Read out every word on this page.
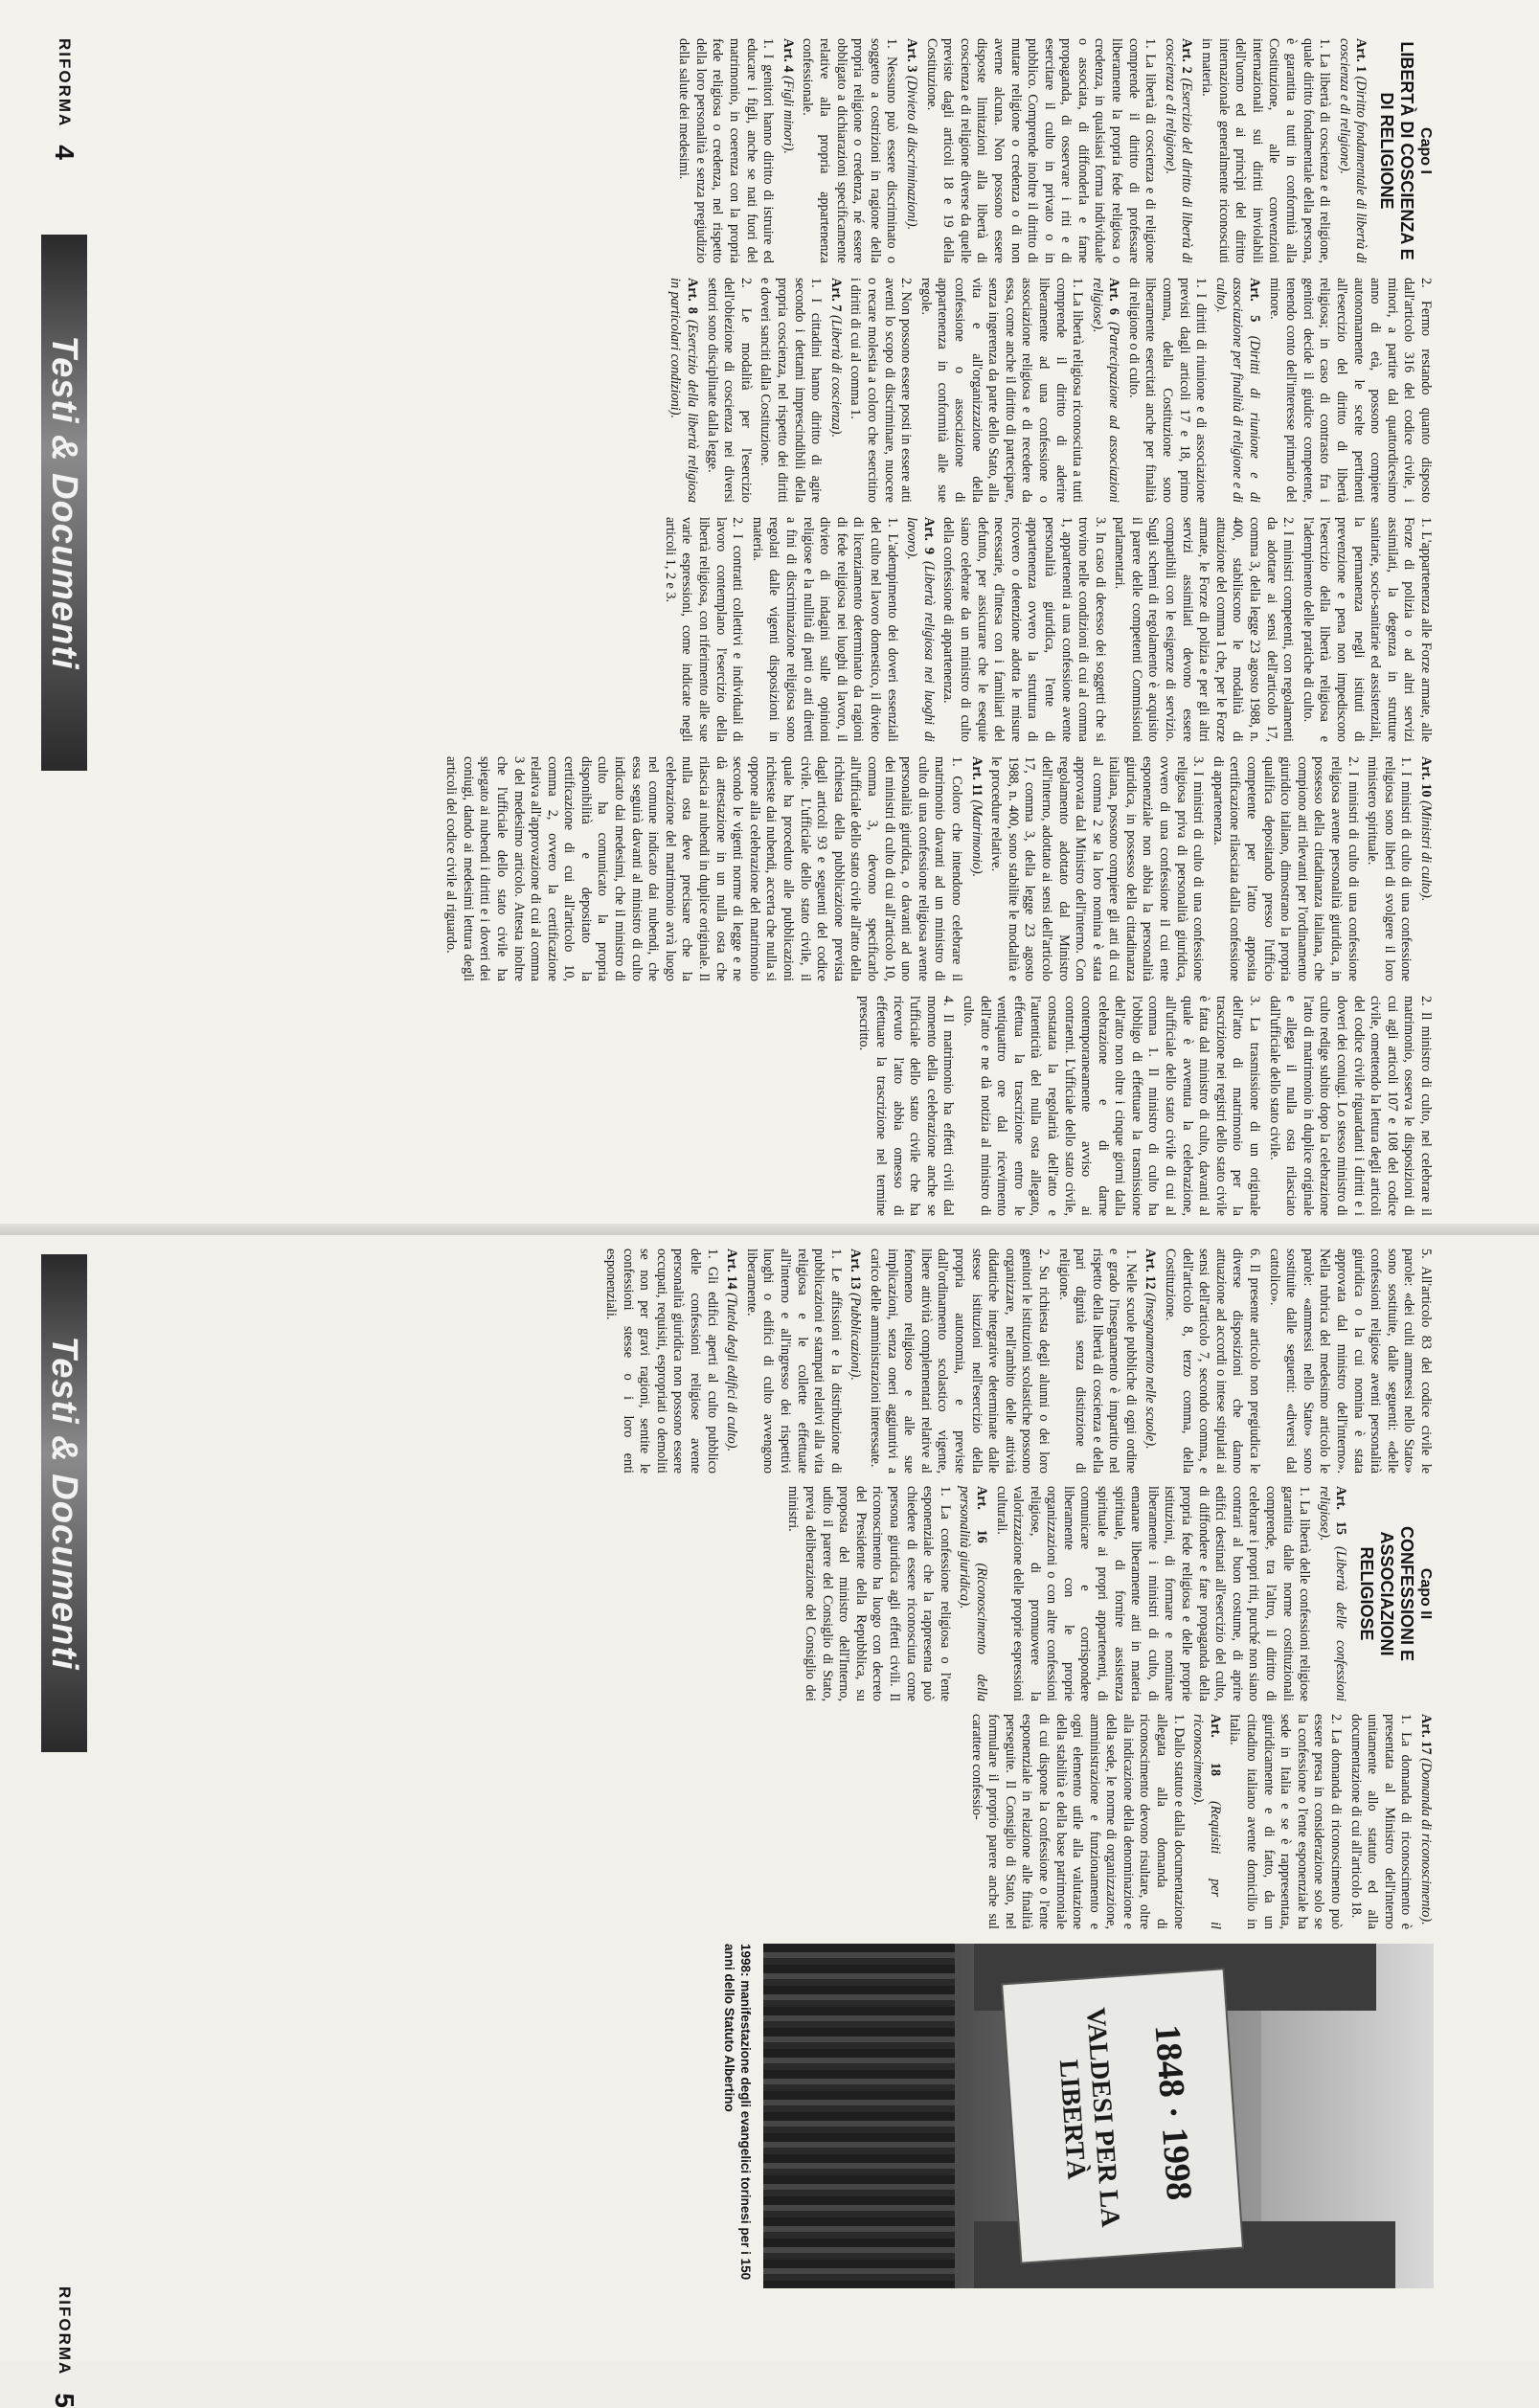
RIFORMA
4
Testi & Documenti
Capo I
LIBERTÀ DI COSCIENZA E DI RELIGIONE

Art. 1 (Diritto fondamentale di libertà di coscienza e di religione).

1. La libertà di coscienza e di religione, quale diritto fondamentale della persona, è garantita a tutti in conformità alla Costituzione, alle convenzioni internazionali sui diritti inviolabili dell'uomo ed ai princìpi del diritto internazionale generalmente riconosciuti in materia.

Art. 2 (Esercizio del diritto di libertà di coscienza e di religione).

1. La libertà di coscienza e di religione comprende il diritto di professare liberamente la propria fede religiosa o credenza, in qualsiasi forma individuale o associata, di diffonderla e farne propaganda, di osservare i riti e di esercitare il culto in privato o in pubblico. Comprende inoltre il diritto di mutare religione o credenza o di non averne alcuna. Non possono essere disposte limitazioni alla libertà di coscienza e di religione diverse da quelle previste dagli articoli 18 e 19 della Costituzione.

Art. 3 (Divieto di discriminazioni).

1. Nessuno può essere discriminato o soggetto a costrizioni in ragione della propria religione o credenza, né essere obbligato a dichiarazioni specificamente relative alla propria appartenenza confessionale.

Art. 4 (Figli minori).

1. I genitori hanno diritto di istruire ed educare i figli, anche se nati fuori del matrimonio, in coerenza con la propria fede religiosa o credenza, nel rispetto della loro personalità e senza pregiudizio della salute dei medesimi.

2. Fermo restando quanto disposto dall'articolo 316 del codice civile, i minori, a partire dal quattordicesimo anno di età, possono compiere autonomamente le scelte pertinenti all'esercizio del diritto di libertà religiosa; in caso di contrasto fra i genitori decide il giudice competente, tenendo conto dell'interesse primario del minore.

Art. 5 (Diritti di riunione e di associazione per finalità di religione e di culto).

1. I diritti di riunione e di associazione previsti dagli articoli 17 e 18, primo comma, della Costituzione sono liberamente esercitati anche per finalità di religione o di culto.

Art. 6 (Partecipazione ad associazioni religiose).

1. La libertà religiosa riconosciuta a tutti comprende il diritto di aderire liberamente ad una confessione o associazione religiosa e di recedere da essa, come anche il diritto di partecipare, senza ingerenza da parte dello Stato, alla vita e all'organizzazione della confessione o associazione di appartenenza in conformità alle sue regole.

2. Non possono essere posti in essere atti aventi lo scopo di discriminare, nuocere o recare molestia a coloro che esercitino i diritti di cui al comma 1.

Art. 7 (Libertà di coscienza).

1. I cittadini hanno diritto di agire secondo i dettami imprescindibili della propria coscienza, nel rispetto dei diritti e doveri sanciti dalla Costituzione.

2. Le modalità per l'esercizio dell'obiezione di coscienza nei diversi settori sono disciplinate dalla legge.

Art. 8 (Esercizio della libertà religiosa in particolari condizioni).

1. L'appartenenza alle Forze armate, alle Forze di polizia o ad altri servizi assimilati, la degenza in strutture sanitarie, socio-sanitarie ed assistenziali, la permanenza negli istituti di prevenzione e pena non impediscono l'esercizio della libertà religiosa e l'adempimento delle pratiche di culto.

2. I ministri competenti, con regolamenti da adottare ai sensi dell'articolo 17, comma 3, della legge 23 agosto 1988, n. 400, stabiliscono le modalità di attuazione del comma 1 che, per le Forze armate, le Forze di polizia e per gli altri servizi assimilati devono essere compatibili con le esigenze di servizio. Sugli schemi di regolamento è acquisito il parere delle competenti Commissioni parlamentari.

3. In caso di decesso dei soggetti che si trovino nelle condizioni di cui al comma 1, appartenenti a una confessione avente personalità giuridica, l'ente di appartenenza ovvero la struttura di ricovero o detenzione adotta le misure necessarie, d'intesa con i familiari del defunto, per assicurare che le esequie siano celebrate da un ministro di culto della confessione di appartenenza.

Art. 9 (Libertà religiosa nei luoghi di lavoro).

1. L'adempimento dei doveri essenziali del culto nel lavoro domestico, il divieto di licenziamento determinato da ragioni di fede religiosa nei luoghi di lavoro, il divieto di indagini sulle opinioni religiose e la nullità di patti o atti diretti a fini di discriminazione religiosa sono regolati dalle vigenti disposizioni in materia.

2. I contratti collettivi e individuali di lavoro contemplano l'esercizio della libertà religiosa, con riferimento alle sue varie espressioni, come indicate negli articoli 1, 2 e 3.

Art. 10 (Ministri di culto).

1. I ministri di culto di una confessione religiosa sono liberi di svolgere il loro ministero spirituale.

2. I ministri di culto di una confessione religiosa avente personalità giuridica, in possesso della cittadinanza italiana, che compiono atti rilevanti per l'ordinamento giuridico italiano, dimostrano la propria qualifica depositando presso l'ufficio competente per l'atto apposita certificazione rilasciata dalla confessione di appartenenza.

3. I ministri di culto di una confessione religiosa priva di personalità giuridica, ovvero di una confessione il cui ente esponenziale non abbia la personalità giuridica, in possesso della cittadinanza italiana, possono compiere gli atti di cui al comma 2 se la loro nomina è stata approvata dal Ministro dell'interno. Con regolamento adottato dal Ministro dell'interno, adottato ai sensi dell'articolo 17, comma 3, della legge 23 agosto 1988, n. 400, sono stabilite le modalità e le procedure relative.

Art. 11 (Matrimonio).

1. Coloro che intendono celebrare il matrimonio davanti ad un ministro di culto di una confessione religiosa avente personalità giuridica, o davanti ad uno dei ministri di culto di cui all'articolo 10, comma 3, devono specificarlo all'ufficiale dello stato civile all'atto della richiesta della pubblicazione prevista dagli articoli 93 e seguenti del codice civile. L'ufficiale dello stato civile, il quale ha proceduto alle pubblicazioni richieste dai nubendi, accerta che nulla si oppone alla celebrazione del matrimonio secondo le vigenti norme di legge e ne dà attestazione in un nulla osta che rilascia ai nubendi in duplice originale. Il nulla osta deve precisare che la celebrazione del matrimonio avrà luogo nel comune indicato dai nubendi, che essa seguirà davanti al ministro di culto indicato dai medesimi, che il ministro di culto ha comunicato la propria disponibilità e depositato la certificazione di cui all'articolo 10, comma 2, ovvero la certificazione relativa all'approvazione di cui al comma 3 del medesimo articolo. Attesta inoltre che l'ufficiale dello stato civile ha spiegato ai nubendi i diritti e i doveri dei coniugi, dando ai medesimi lettura degli articoli del codice civile al riguardo.

2. Il ministro di culto, nel celebrare il matrimonio, osserva le disposizioni di cui agli articoli 107 e 108 del codice civile, omettendo la lettura degli articoli del codice civile riguardanti i diritti e i doveri dei coniugi. Lo stesso ministro di culto redige subito dopo la celebrazione l'atto di matrimonio in duplice originale e allega il nulla osta rilasciato dall'ufficiale dello stato civile.

3. La trasmissione di un originale dell'atto di matrimonio per la trascrizione nei registri dello stato civile è fatta dal ministro di culto, davanti al quale è avvenuta la celebrazione, all'ufficiale dello stato civile di cui al comma 1. Il ministro di culto ha l'obbligo di effettuare la trasmissione dell'atto non oltre i cinque giorni dalla celebrazione e di darne contemporaneamente avviso ai contraenti. L'ufficiale dello stato civile, constatata la regolarità dell'atto e l'autenticità del nulla osta allegato, effettua la trascrizione entro le ventiquattro ore dal ricevimento dell'atto e ne dà notizia al ministro di culto.

4. Il matrimonio ha effetti civili dal momento della celebrazione anche se l'ufficiale dello stato civile che ha ricevuto l'atto abbia omesso di effettuare la trascrizione nel termine prescritto.

5. All'articolo 83 del codice civile le parole: «dei culti ammessi nello Stato» sono sostituite, dalle seguenti: «delle confessioni religiose aventi personalità giuridica o la cui nomina è stata approvata dal ministro dell'interno». Nella rubrica del medesimo articolo le parole: «ammessi nello Stato» sono sostituite dalle seguenti: «diversi dal cattolico».

6. Il presente articolo non pregiudica le diverse disposizioni che danno attuazione ad accordi o intese stipulati ai sensi dell'articolo 7, secondo comma, e dell'articolo 8, terzo comma, della Costituzione.

Art. 12 (Insegnamento nelle scuole).

1. Nelle scuole pubbliche di ogni ordine e grado l'insegnamento è impartito nel rispetto della libertà di coscienza e della pari dignità senza distinzione di religione.

2. Su richiesta degli alunni o dei loro genitori le istituzioni scolastiche possono organizzare, nell'ambito delle attività didattiche integrative determinate dalle stesse istituzioni nell'esercizio della propria autonomia, e previste dall'ordinamento scolastico vigente, libere attività complementari relative al fenomeno religioso e alle sue implicazioni, senza oneri aggiuntivi a carico delle amministrazioni interessate.

Art. 13 (Pubblicazioni).

1. Le affissioni e la distribuzione di pubblicazioni e stampati relativi alla vita religiosa e le collette effettuate all'interno e all'ingresso dei rispettivi luoghi o edifici di culto avvengono liberamente.

Art. 14 (Tutela degli edifici di culto).

1. Gli edifici aperti al culto pubblico delle confessioni religiose avente personalità giuridica non possono essere occupati, requisiti, espropriati o demoliti se non per gravi ragioni, sentite le confessioni stesse o i loro enti esponenziali.

Capo II
CONFESSIONI E ASSOCIAZIONI RELIGIOSE

Art. 15 (Libertà delle confessioni religiose).

1. La libertà delle confessioni religiose garantita dalle norme costituzionali comprende, tra l'altro, il diritto di celebrare i propri riti, purché non siano contrari al buon costume, di aprire edifici destinati all'esercizio del culto, di diffondere e fare propaganda della propria fede religiosa e delle proprie istituzioni, di formare e nominare liberamente i ministri di culto, di emanare liberamente atti in materia spirituale, di fornire assistenza spirituale ai propri appartenenti, di comunicare e corrispondere liberamente con le proprie organizzazioni o con altre confessioni religiose, di promuovere la valorizzazione delle proprie espressioni culturali.

Art. 16 (Riconoscimento della personalità giuridica).

1. La confessione religiosa o l'ente esponenziale che la rappresenta può chiedere di essere riconosciuta come persona giuridica agli effetti civili. Il riconoscimento ha luogo con decreto del Presidente della Repubblica, su proposta del ministro dell'Interno, udito il parere del Consiglio di Stato, previa deliberazione del Consiglio dei ministri.

Art. 17 (Domanda di riconoscimento).

1. La domanda di riconoscimento è presentata al Ministro dell'interno unitamente allo statuto ed alla documentazione di cui all'articolo 18.

2. La domanda di riconoscimento può essere presa in considerazione solo se la confessione o l'ente esponenziale ha sede in Italia e se è rappresentata, giuridicamente e di fatto, da un cittadino italiano avente domicilio in Italia.

Art. 18 (Requisiti per il riconoscimento).

1. Dallo statuto e dalla documentazione allegata alla domanda di riconoscimento devono risultare, oltre alla indicazione della denominazione e della sede, le norme di organizzazione, amministrazione e funzionamento e ogni elemento utile alla valutazione della stabilità e della base patrimoniale di cui dispone la confessione o l'ente esponenziale in relazione alle finalità perseguite. Il Consiglio di Stato, nel formulare il proprio parere anche sul carattere confessio-

1848 · 1998
VALDESI PER LA LIBERTÀ
1998: manifestazione degli evangelici torinesi per i 150 anni dello Statuto Albertino
Testi & Documenti
RIFORMA
5
